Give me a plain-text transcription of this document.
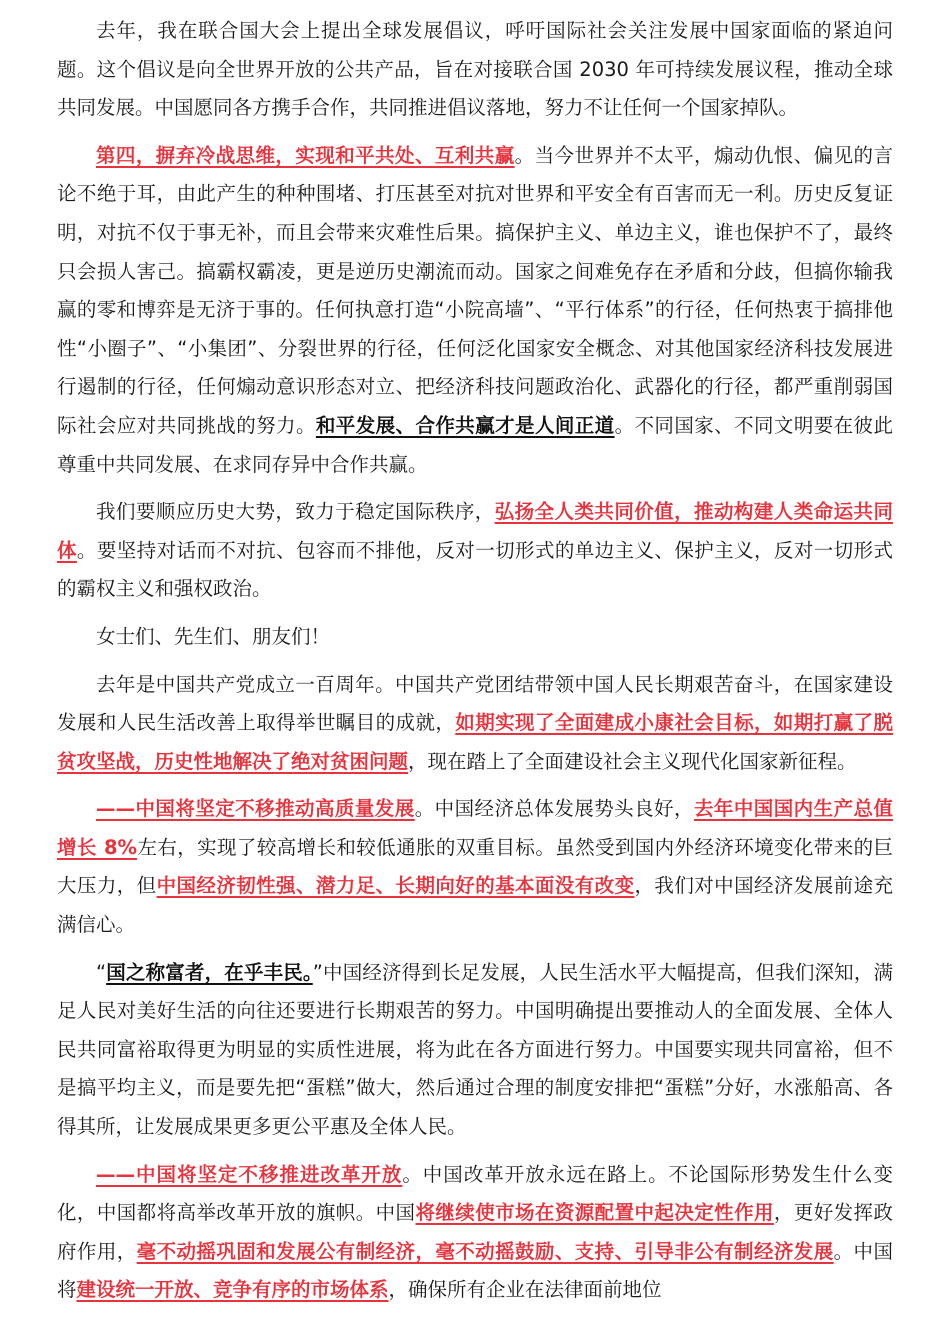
去年，我在联合国大会上提出全球发展倡议，呼吁国际社会关注发展中国家面临的紧迫问题。这个倡议是向全世界开放的公共产品，旨在对接联合国 2030 年可持续发展议程，推动全球共同发展。中国愿同各方携手合作，共同推进倡议落地，努力不让任何一个国家掉队。

第四，摒弃冷战思维，实现和平共处、互利共赢。当今世界并不太平，煽动仇恨、偏见的言论不绝于耳，由此产生的种种围堵、打压甚至对抗对世界和平安全有百害而无一利。历史反复证明，对抗不仅于事无补，而且会带来灾难性后果。搞保护主义、单边主义，谁也保护不了，最终只会损人害己。搞霸权霸凌，更是逆历史潮流而动。国家之间难免存在矛盾和分歧，但搞你输我赢的零和博弈是无济于事的。任何执意打造“小院高墙”、“平行体系”的行径，任何热衷于搞排他性“小圈子”、“小集团”、分裂世界的行径，任何泛化国家安全概念、对其他国家经济科技发展进行遏制的行径，任何煽动意识形态对立、把经济科技问题政治化、武器化的行径，都严重削弱国际社会应对共同挑战的努力。和平发展、合作共赢才是人间正道。不同国家、不同文明要在彼此尊重中共同发展、在求同存异中合作共赢。

我们要顺应历史大势，致力于稳定国际秩序，弘扬全人类共同价值，推动构建人类命运共同体。要坚持对话而不对抗、包容而不排他，反对一切形式的单边主义、保护主义，反对一切形式的霸权主义和强权政治。

女士们、先生们、朋友们！

去年是中国共产党成立一百周年。中国共产党团结带领中国人民长期艰苦奋斗，在国家建设发展和人民生活改善上取得举世瞩目的成就，如期实现了全面建成小康社会目标，如期打赢了脱贫攻坚战，历史性地解决了绝对贫困问题，现在踏上了全面建设社会主义现代化国家新征程。

——中国将坚定不移推动高质量发展。中国经济总体发展势头良好，去年中国国内生产总值增长 8%左右，实现了较高增长和较低通胀的双重目标。虽然受到国内外经济环境变化带来的巨大压力，但中国经济韧性强、潜力足、长期向好的基本面没有改变，我们对中国经济发展前途充满信心。

“国之称富者，在乎丰民。”中国经济得到长足发展，人民生活水平大幅提高，但我们深知，满足人民对美好生活的向往还要进行长期艰苦的努力。中国明确提出要推动人的全面发展、全体人民共同富裕取得更为明显的实质性进展，将为此在各方面进行努力。中国要实现共同富裕，但不是搞平均主义，而是要先把“蛋糕”做大，然后通过合理的制度安排把“蛋糕”分好，水涨船高、各得其所，让发展成果更多更公平惠及全体人民。

——中国将坚定不移推进改革开放。中国改革开放永远在路上。不论国际形势发生什么变化，中国都将高举改革开放的旗帜。中国将继续使市场在资源配置中起决定性作用，更好发挥政府作用，毫不动摇巩固和发展公有制经济，毫不动摇鼓励、支持、引导非公有制经济发展。中国将建设统一开放、竞争有序的市场体系，确保所有企业在法律面前地位
